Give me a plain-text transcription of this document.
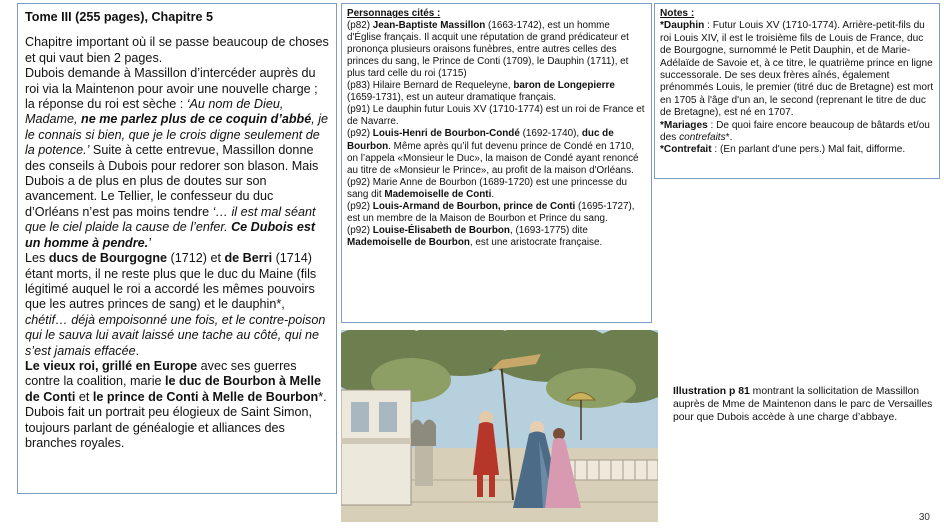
Tome III (255 pages), Chapitre 5

Chapitre important où il se passe beaucoup de choses et qui vaut bien 2 pages.

Dubois demande à Massillon d’intercéder auprès du roi via la Maintenon pour avoir une nouvelle charge ; la réponse du roi est sèche : ‘Au nom de Dieu, Madame, ne me parlez plus de ce coquin d’abbé, je le connais si bien, que je le crois digne seulement de la potence.’ Suite à cette entrevue, Massillon donne des conseils à Dubois pour redorer son blason. Mais Dubois a de plus en plus de doutes sur son avancement. Le Tellier, le confesseur du duc d’Orléans n’est pas moins tendre ‘… il est mal séant que le ciel plaide la cause de l’enfer. Ce Dubois est un homme à pendre.’

Les ducs de Bourgogne (1712) et de Berri (1714) étant morts, il ne reste plus que le duc du Maine (fils légitimé auquel le roi a accordé les mêmes pouvoirs que les autres princes de sang) et le dauphin*, chétif… déjà empoisonné une fois, et le contre-poison qui le sauva lui avait laissé une tache au côté, qui ne s’est jamais effacée.

Le vieux roi, grillé en Europe avec ses guerres contre la coalition, marie le duc de Bourbon à Melle de Conti et le prince de Conti à Melle de Bourbon*.

Dubois fait un portrait peu élogieux de Saint Simon, toujours parlant de généalogie et alliances des branches royales.

Personnages cités :

(p82) Jean-Baptiste Massillon (1663-1742), est un homme d'Église français. Il acquit une réputation de grand prédicateur et prononça plusieurs oraisons funèbres, entre autres celles des princes du sang, le Prince de Conti (1709), le Dauphin (1711), et plus tard celle du roi (1715)

(p83) Hilaire Bernard de Requeleyne, baron de Longepierre (1659-1731), est un auteur dramatique français.

(p91) Le dauphin futur Louis XV (1710-1774) est un roi de France et de Navarre.

(p92) Louis-Henri de Bourbon-Condé (1692-1740), duc de Bourbon. Même après qu’il fut devenu prince de Condé en 1710, on l’appela «Monsieur le Duc», la maison de Condé ayant renoncé au titre de «Monsieur le Prince», au profit de la maison d'Orléans.

(p92) Marie Anne de Bourbon (1689-1720) est une princesse du sang dit Mademoiselle de Conti.

(p92) Louis-Armand de Bourbon, prince de Conti (1695-1727), est un membre de la Maison de Bourbon et Prince du sang.

(p92) Louise-Élisabeth de Bourbon, (1693-1775) dite Mademoiselle de Bourbon, est une aristocrate française.

Notes :

*Dauphin : Futur Louis XV (1710-1774). Arrière-petit-fils du roi Louis XIV, il est le troisième fils de Louis de France, duc de Bourgogne, surnommé le Petit Dauphin, et de Marie-Adélaïde de Savoie et, à ce titre, le quatrième prince en ligne successorale. De ses deux frères aînés, également prénommés Louis, le premier (titré duc de Bretagne) est mort en 1705 à l'âge d'un an, le second (reprenant le titre de duc de Bretagne), est né en 1707.

*Mariages : De quoi faire encore beaucoup de bâtards et/ou des contrefaits*.

*Contrefait : (En parlant d'une pers.) Mal fait, difforme.

Illustration p 81 montrant la sollicitation de Massillon auprès de Mme de Maintenon dans le parc de Versailles pour que Dubois accède à une charge d’abbaye.
30
